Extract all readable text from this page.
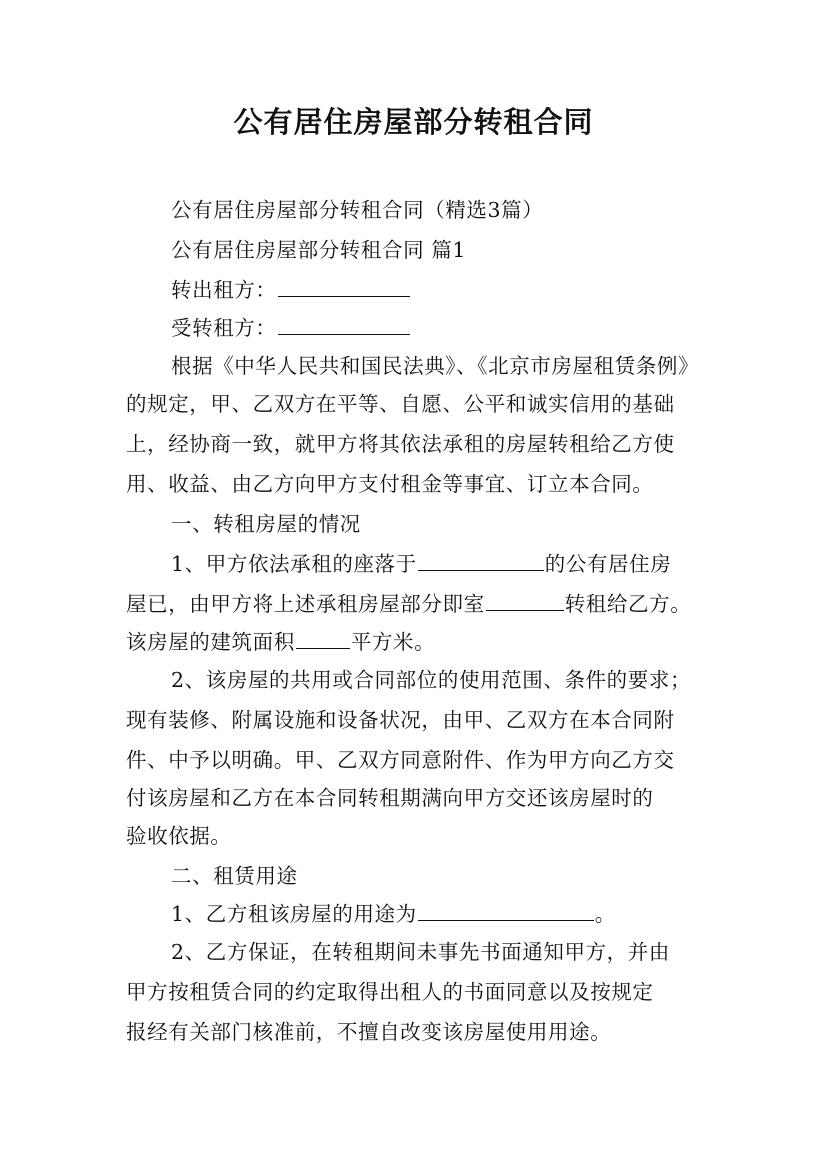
公有居住房屋部分转租合同
公有居住房屋部分转租合同（精选3篇）
公有居住房屋部分转租合同 篇1
转出租方：
受转租方：
根据《中华人民共和国民法典》、《北京市房屋租赁条例》
的规定，甲、乙双方在平等、自愿、公平和诚实信用的基础
上，经协商一致，就甲方将其依法承租的房屋转租给乙方使
用、收益、由乙方向甲方支付租金等事宜、订立本合同。
一、转租房屋的情况
1、甲方依法承租的座落于	的公有居住房
屋已，由甲方将上述承租房屋部分即室	转租给乙方。
该房屋的建筑面积	平方米。
2、该房屋的共用或合同部位的使用范围、条件的要求；
现有装修、附属设施和设备状况，由甲、乙双方在本合同附
件、中予以明确。甲、乙双方同意附件、作为甲方向乙方交
付该房屋和乙方在本合同转租期满向甲方交还该房屋时的
验收依据。
二、租赁用途
1、乙方租该房屋的用途为	。
2、乙方保证，在转租期间未事先书面通知甲方，并由
甲方按租赁合同的约定取得出租人的书面同意以及按规定
报经有关部门核准前，不擅自改变该房屋使用用途。
